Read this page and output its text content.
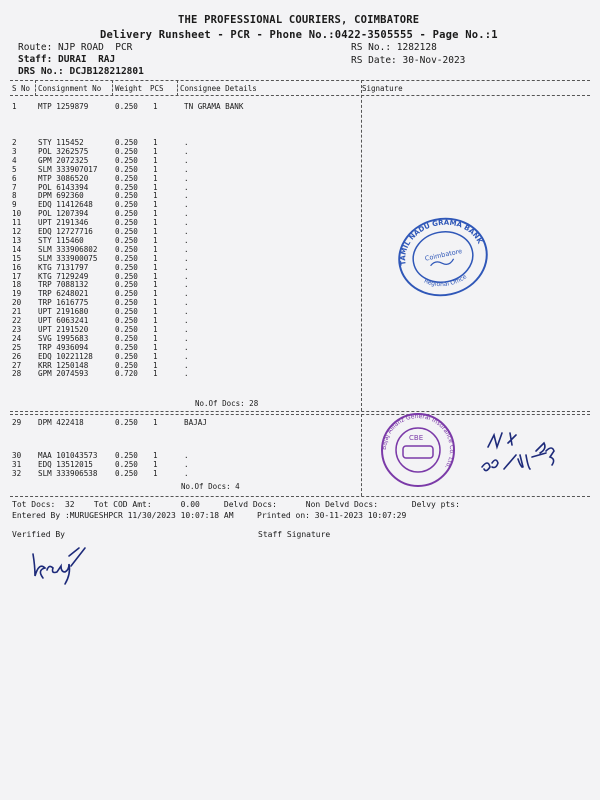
THE PROFESSIONAL COURIERS, COIMBATORE
Delivery Runsheet - PCR - Phone No.:0422-3505555 - Page No.:1
Route: NJP ROAD  PCR
Staff: DURAI  RAJ
DRS No.: DCJB128212801
RS No.: 1282128
RS Date: 30-Nov-2023
S No Consignment No Weight PCS Consignee Details	Signature
1	MTP 1259879	0.250 1	TN GRAMA BANK
2	STY 115452	0.250 1	.
3	POL 3262575	0.250 1	.
4	GPM 2072325	0.250 1	.
5	SLM 333907017 0.250 1	.
6	MTP 3086520	0.250 1	.
7	POL 6143394	0.250 1	.
8	DPM 692360	0.250 1	.
9	EDQ 11412648	0.250 1	.
10 POL 1207394	0.250 1	.
11 UPT 2191346	0.250 1	.
12 EDQ 12727716	0.250 1	.
13 STY 115460	0.250 1	.
14 SLM 333906802 0.250 1	.
15 SLM 333900075 0.250 1	.
16 KTG 7131797	0.250 1	.
17 KTG 7129249	0.250 1	.
18 TRP 7088132	0.250 1	.
19 TRP 6248021	0.250 1	.
20 TRP 1616775	0.250 1	.
21 UPT 2191680	0.250 1	.
22 UPT 6063241	0.250 1	.
23 UPT 2191520	0.250 1	.
24 SVG 1995683	0.250 1	.
25 TRP 4936094	0.250 1	.
26 EDQ 10221128	0.250 1	.
27 KRR 1250148	0.250 1	.
28 GPM 2074593	0.720 1	.
No.Of Docs: 28
29 DPM 422418	0.250 1	BAJAJ
30 MAA 101043573 0.250 1	.
31 EDQ 13512015	0.250 1	.
32 SLM 333906538 0.250 1	.
No.Of Docs: 4
Tot Docs:  32    Tot COD Amt:      0.00     Delvd Docs:      Non Delvd Docs:       Delvy pts:
Entered By :MURUGESHPCR 11/30/2023 10:07:18 AM	Printed on: 30-11-2023 10:07:29
Verified By	Staff Signature
TAMIL NADU GRAMA BANK
Regional Office
Coimbatore
Bajaj Allianz General Insurance Co. Ltd.
CBE
